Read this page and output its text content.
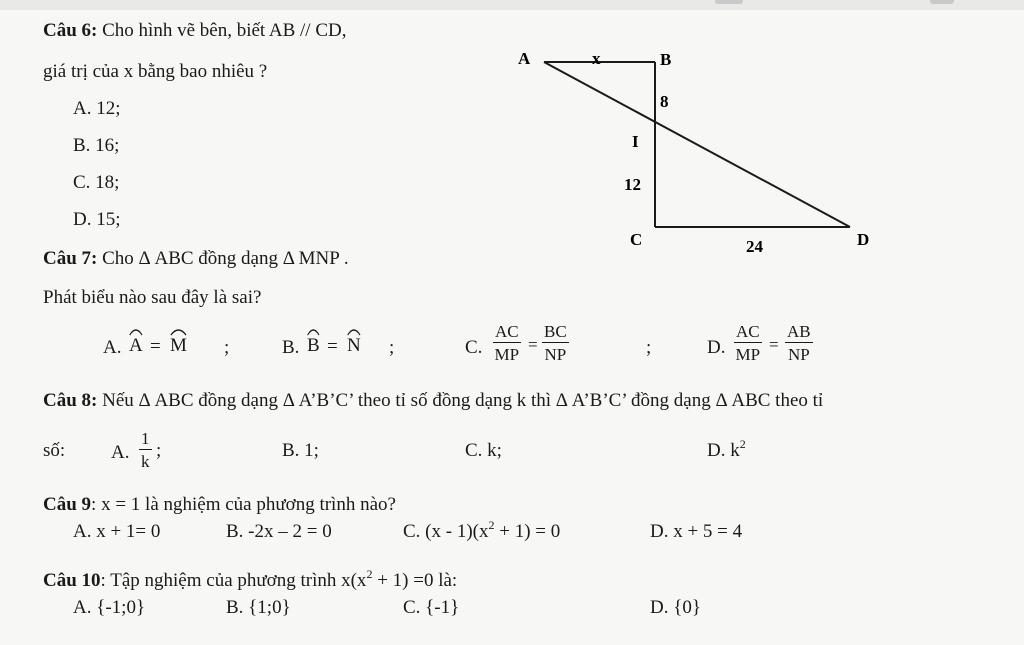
Câu 6: Cho hình vẽ bên, biết AB // CD,
giá trị của x bằng bao nhiêu ?
A. 12;
B. 16;
C. 18;
D. 15;
A	x	B
8
I
12
C	24	D
Câu 7: Cho Δ ABC đồng dạng Δ MNP .
Phát biểu nào sau đây là sai?
A. A = M ;	B. B = N ;	C. $\frac{AC}{MP} = \frac{BC}{NP}$	;	D. $\frac{AC}{MP} = \frac{AB}{NP}$
Câu 8: Nếu Δ ABC đồng dạng Δ A’B’C’ theo tỉ số đồng dạng k thì Δ A’B’C’ đồng dạng Δ ABC theo tỉ
số: A. $\frac{1}{k}$ ;	B. 1;	C. k;	D. $k^2$
Câu 9: x = 1 là nghiệm của phương trình nào?
A. x + 1= 0	B. -2x – 2 = 0	C. $(x - 1)(x^2 + 1) = 0$	D. x + 5 = 4
Câu 10: Tập nghiệm của phương trình $x(x^2 + 1) =0$ là:
A. {-1;0}	B. {1;0}	C. {-1}	D. {0}
